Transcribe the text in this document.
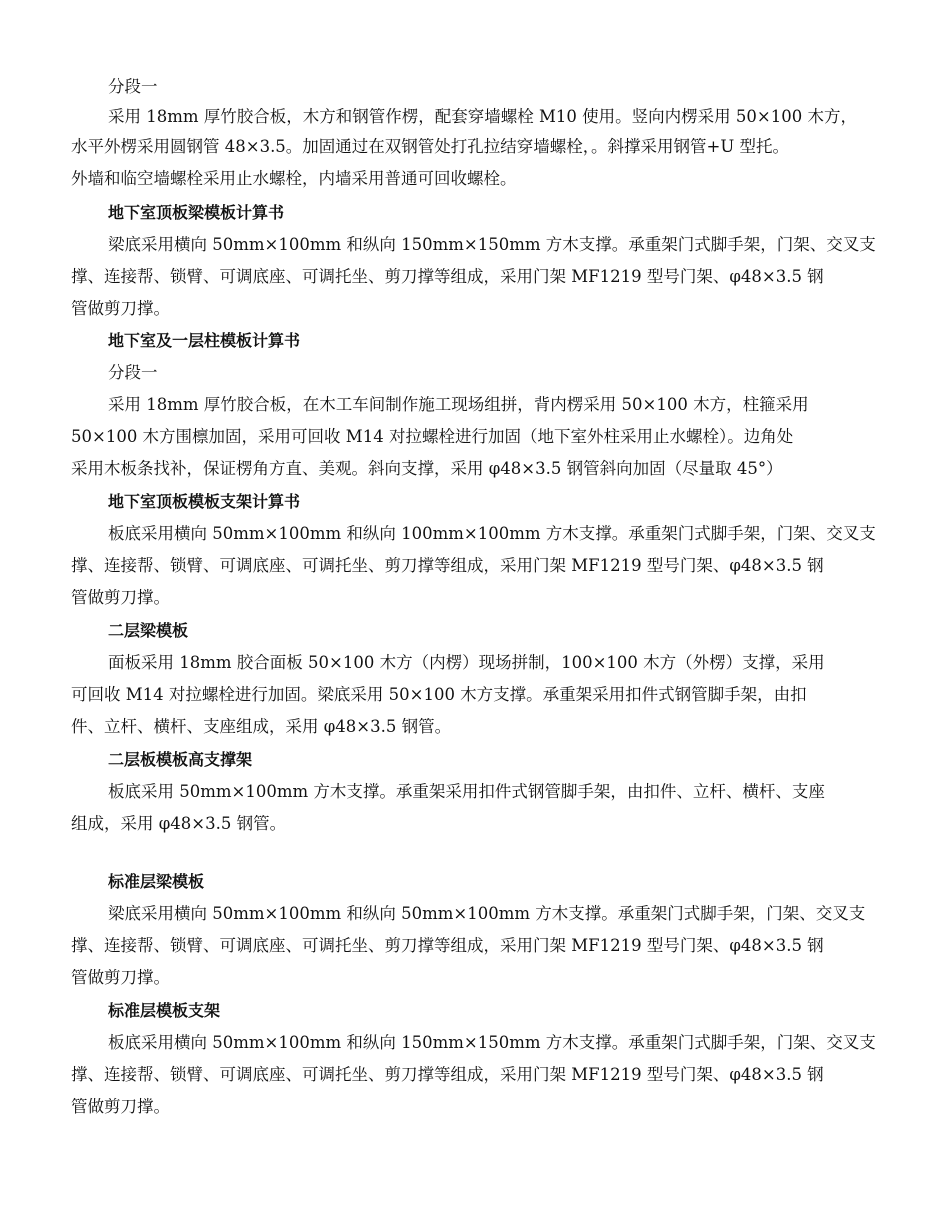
分段一
采用 18mm 厚竹胶合板，木方和钢管作楞，配套穿墙螺栓 M10 使用。竖向内楞采用 50×100 木方，
水平外楞采用圆钢管 48×3.5。加固通过在双钢管处打孔拉结穿墙螺栓，。斜撑采用钢管+U 型托。
外墙和临空墙螺栓采用止水螺栓，内墙采用普通可回收螺栓。
地下室顶板梁模板计算书
梁底采用横向 50mm×100mm 和纵向 150mm×150mm 方木支撑。承重架门式脚手架，门架、交叉支
撑、连接帮、锁臂、可调底座、可调托坐、剪刀撑等组成，采用门架 MF1219 型号门架、φ48×3.5 钢
管做剪刀撑。
地下室及一层柱模板计算书
分段一
采用 18mm 厚竹胶合板，在木工车间制作施工现场组拼，背内楞采用 50×100 木方，柱箍采用
50×100 木方围檩加固，采用可回收 M14 对拉螺栓进行加固（地下室外柱采用止水螺栓）。边角处
采用木板条找补，保证楞角方直、美观。斜向支撑，采用 φ48×3.5 钢管斜向加固（尽量取 45°）
地下室顶板模板支架计算书
板底采用横向 50mm×100mm 和纵向 100mm×100mm 方木支撑。承重架门式脚手架，门架、交叉支
撑、连接帮、锁臂、可调底座、可调托坐、剪刀撑等组成，采用门架 MF1219 型号门架、φ48×3.5 钢
管做剪刀撑。
二层梁模板
面板采用 18mm 胶合面板 50×100 木方（内楞）现场拼制，100×100 木方（外楞）支撑，采用
可回收 M14 对拉螺栓进行加固。梁底采用 50×100 木方支撑。承重架采用扣件式钢管脚手架，由扣
件、立杆、横杆、支座组成，采用 φ48×3.5 钢管。
二层板模板高支撑架
板底采用 50mm×100mm 方木支撑。承重架采用扣件式钢管脚手架，由扣件、立杆、横杆、支座
组成，采用 φ48×3.5 钢管。
标准层梁模板
梁底采用横向 50mm×100mm 和纵向 50mm×100mm 方木支撑。承重架门式脚手架，门架、交叉支
撑、连接帮、锁臂、可调底座、可调托坐、剪刀撑等组成，采用门架 MF1219 型号门架、φ48×3.5 钢
管做剪刀撑。
标准层模板支架
板底采用横向 50mm×100mm 和纵向 150mm×150mm 方木支撑。承重架门式脚手架，门架、交叉支
撑、连接帮、锁臂、可调底座、可调托坐、剪刀撑等组成，采用门架 MF1219 型号门架、φ48×3.5 钢
管做剪刀撑。
